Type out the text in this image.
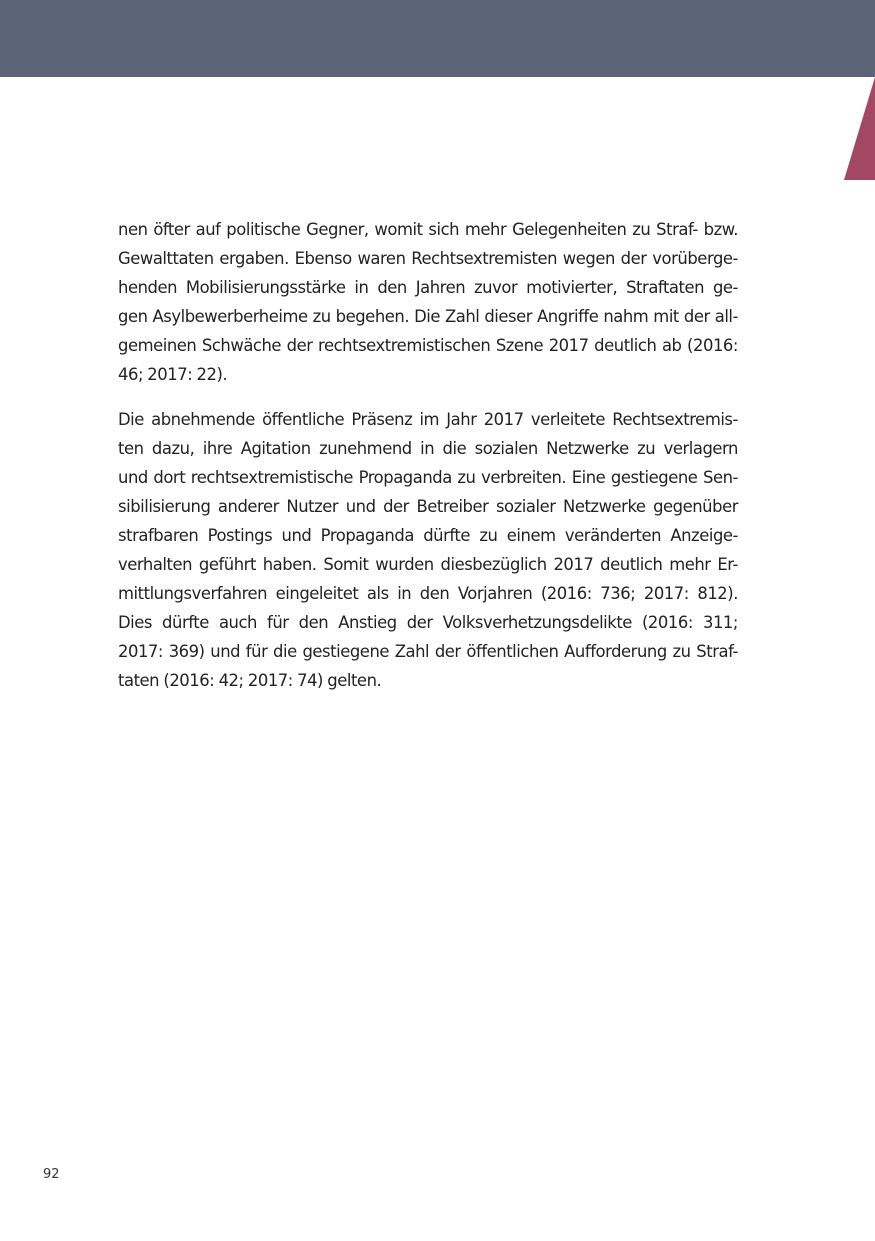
nen öfter auf politische Gegner, womit sich mehr Gelegenheiten zu Straf- bzw.
Gewalttaten ergaben. Ebenso waren Rechtsextremisten wegen der vorüberge-
henden Mobilisierungsstärke in den Jahren zuvor motivierter, Straftaten ge-
gen Asylbewerberheime zu begehen. Die Zahl dieser Angriffe nahm mit der all-
gemeinen Schwäche der rechtsextremistischen Szene 2017 deutlich ab (2016:
46; 2017: 22).

Die abnehmende öffentliche Präsenz im Jahr 2017 verleitete Rechtsextremis-
ten dazu, ihre Agitation zunehmend in die sozialen Netzwerke zu verlagern
und dort rechtsextremistische Propaganda zu verbreiten. Eine gestiegene Sen-
sibilisierung anderer Nutzer und der Betreiber sozialer Netzwerke gegenüber
strafbaren Postings und Propaganda dürfte zu einem veränderten Anzeige-
verhalten geführt haben. Somit wurden diesbezüglich 2017 deutlich mehr Er-
mittlungsverfahren eingeleitet als in den Vorjahren (2016: 736; 2017: 812).
Dies dürfte auch für den Anstieg der Volksverhetzungsdelikte (2016: 311;
2017: 369) und für die gestiegene Zahl der öffentlichen Aufforderung zu Straf-
taten (2016: 42; 2017: 74) gelten.

92
